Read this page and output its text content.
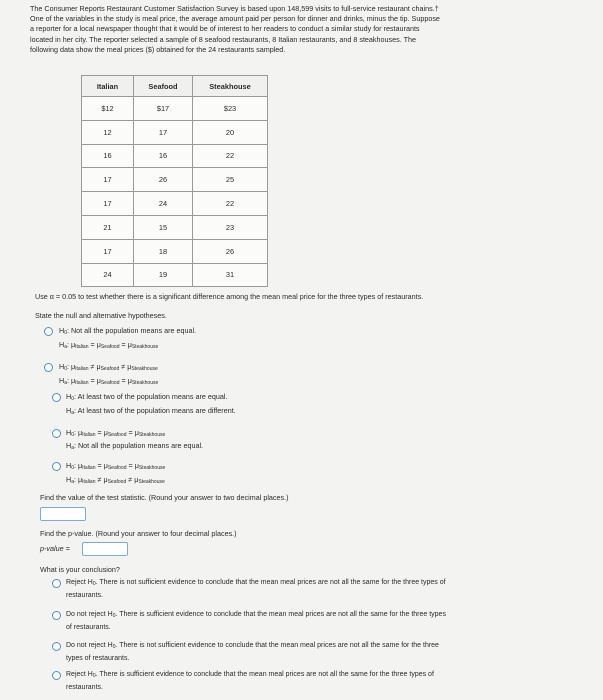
The Consumer Reports Restaurant Customer Satisfaction Survey is based upon 148,599 visits to full-service restaurant chains.†
One of the variables in the study is meal price, the average amount paid per person for dinner and drinks, minus the tip. Suppose
a reporter for a local newspaper thought that it would be of interest to her readers to conduct a similar study for restaurants
located in her city. The reporter selected a sample of 8 seafood restaurants, 8 Italian restaurants, and 8 steakhouses. The
following data show the meal prices ($) obtained for the 24 restaurants sampled.
Italian	Seafood	Steakhouse
$12	$17	$23
12	17	20
16	16	22
17	26	25
17	24	22
21	15	23
17	18	26
24	19	31
Use α = 0.05 to test whether there is a significant difference among the mean meal price for the three types of restaurants.
State the null and alternative hypotheses.
$H_0$: Not all the population means are equal.
$H_a$: $\mu_{Italian} = \mu_{Seafood} = \mu_{Steakhouse}$
$H_0$: $\mu_{Italian} \ne \mu_{Seafood} \ne \mu_{Steakhouse}$
$H_a$: $\mu_{Italian} = \mu_{Seafood} = \mu_{Steakhouse}$
$H_0$: At least two of the population means are equal.
$H_a$: At least two of the population means are different.
$H_0$: $\mu_{Italian} = \mu_{Seafood} = \mu_{Steakhouse}$
$H_a$: Not all the population means are equal.
$H_0$: $\mu_{Italian} = \mu_{Seafood} = \mu_{Steakhouse}$
$H_a$: $\mu_{Italian} \ne \mu_{Seafood} \ne \mu_{Steakhouse}$
Find the value of the test statistic. (Round your answer to two decimal places.)
Find the p-value. (Round your answer to four decimal places.)
p-value =
What is your conclusion?
Reject $H_0$. There is not sufficient evidence to conclude that the mean meal prices are not all the same for the three types of
restaurants.
Do not reject $H_0$. There is sufficient evidence to conclude that the mean meal prices are not all the same for the three types
of restaurants.
Do not reject $H_0$. There is not sufficient evidence to conclude that the mean meal prices are not all the same for the three
types of restaurants.
Reject $H_0$. There is sufficient evidence to conclude that the mean meal prices are not all the same for the three types of
restaurants.
